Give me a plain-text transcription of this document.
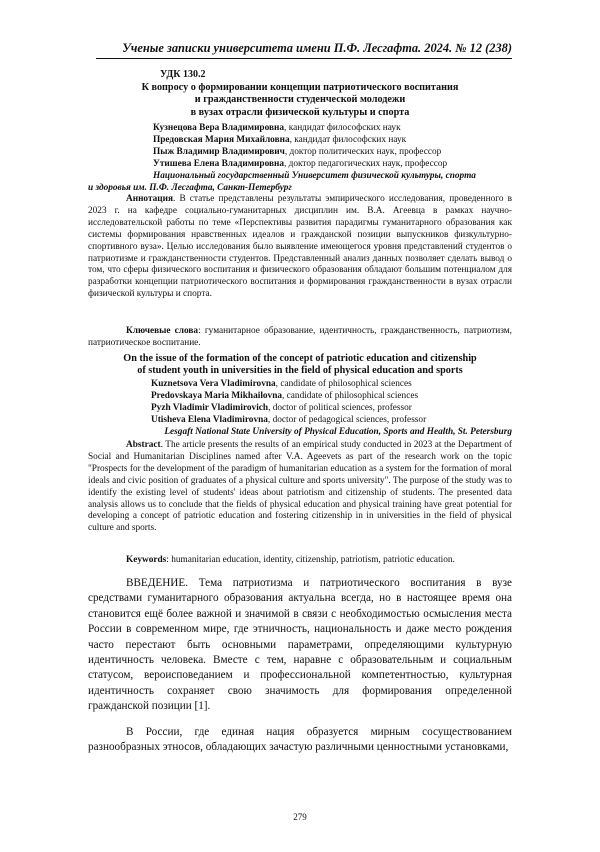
Ученые записки университета имени П.Ф. Лесгафта. 2024. № 12 (238)
УДК 130.2
К вопросу о формировании концепции патриотического воспитания
и гражданственности студенческой молодежи
в вузах отрасли физической культуры и спорта
Кузнецова Вера Владимировна, кандидат философских наук
Предовская Мария Михайловна, кандидат философских наук
Пыж Владимир Владимирович, доктор политических наук, профессор
Утишева Елена Владимировна, доктор педагогических наук, профессор
Национальный государственный Университет физической культуры, спорта
и здоровья им. П.Ф. Лесгафта, Санкт-Петербург
Аннотация. В статье представлены результаты эмпирического исследования, проведенного в 2023 г. на кафедре социально-гуманитарных дисциплин им. В.А. Агеевца в рамках научно-исследовательской работы по теме «Перспективы развития парадигмы гуманитарного образования как системы формирования нравственных идеалов и гражданской позиции выпускников физкультурно-спортивного вуза». Целью исследования было выявление имеющегося уровня представлений студентов о патриотизме и гражданственности студентов. Представленный анализ данных позволяет сделать вывод о том, что сферы физического воспитания и физического образования обладают большим потенциалом для разработки концепции патриотического воспитания и формирования гражданственности в вузах отрасли физической культуры и спорта.
Ключевые слова: гуманитарное образование, идентичность, гражданственность, патриотизм, патриотическое воспитание.
On the issue of the formation of the concept of patriotic education and citizenship
of student youth in universities in the field of physical education and sports
Kuznetsova Vera Vladimirovna, candidate of philosophical sciences
Predovskaya Maria Mikhailovna, candidate of philosophical sciences
Pyzh Vladimir Vladimirovich, doctor of political sciences, professor
Utisheva Elena Vladimirovna, doctor of pedagogical sciences, professor
Lesgaft National State University of Physical Education, Sports and Health, St. Petersburg
Abstract. The article presents the results of an empirical study conducted in 2023 at the Department of Social and Humanitarian Disciplines named after V.A. Ageevets as part of the research work on the topic "Prospects for the development of the paradigm of humanitarian education as a system for the formation of moral ideals and civic position of graduates of a physical culture and sports university". The purpose of the study was to identify the existing level of students' ideas about patriotism and citizenship of students. The presented data analysis allows us to conclude that the fields of physical education and physical training have great potential for developing a concept of patriotic education and fostering citizenship in in universities in the field of physical culture and sports.
Keywords: humanitarian education, identity, citizenship, patriotism, patriotic education.
ВВЕДЕНИЕ. Тема патриотизма и патриотического воспитания в вузе средствами гуманитарного образования актуальна всегда, но в настоящее время она становится ещё более важной и значимой в связи с необходимостью осмысления места России в современном мире, где этничность, национальность и даже место рождения часто перестают быть основными параметрами, определяющими культурную идентичность человека. Вместе с тем, наравне с образовательным и социальным статусом, вероисповеданием и профессиональной компетентностью, культурная идентичность сохраняет свою значимость для формирования определенной гражданской позиции [1].
В России, где единая нация образуется мирным сосуществованием разнообразных этносов, обладающих зачастую различными ценностными установками,
279
